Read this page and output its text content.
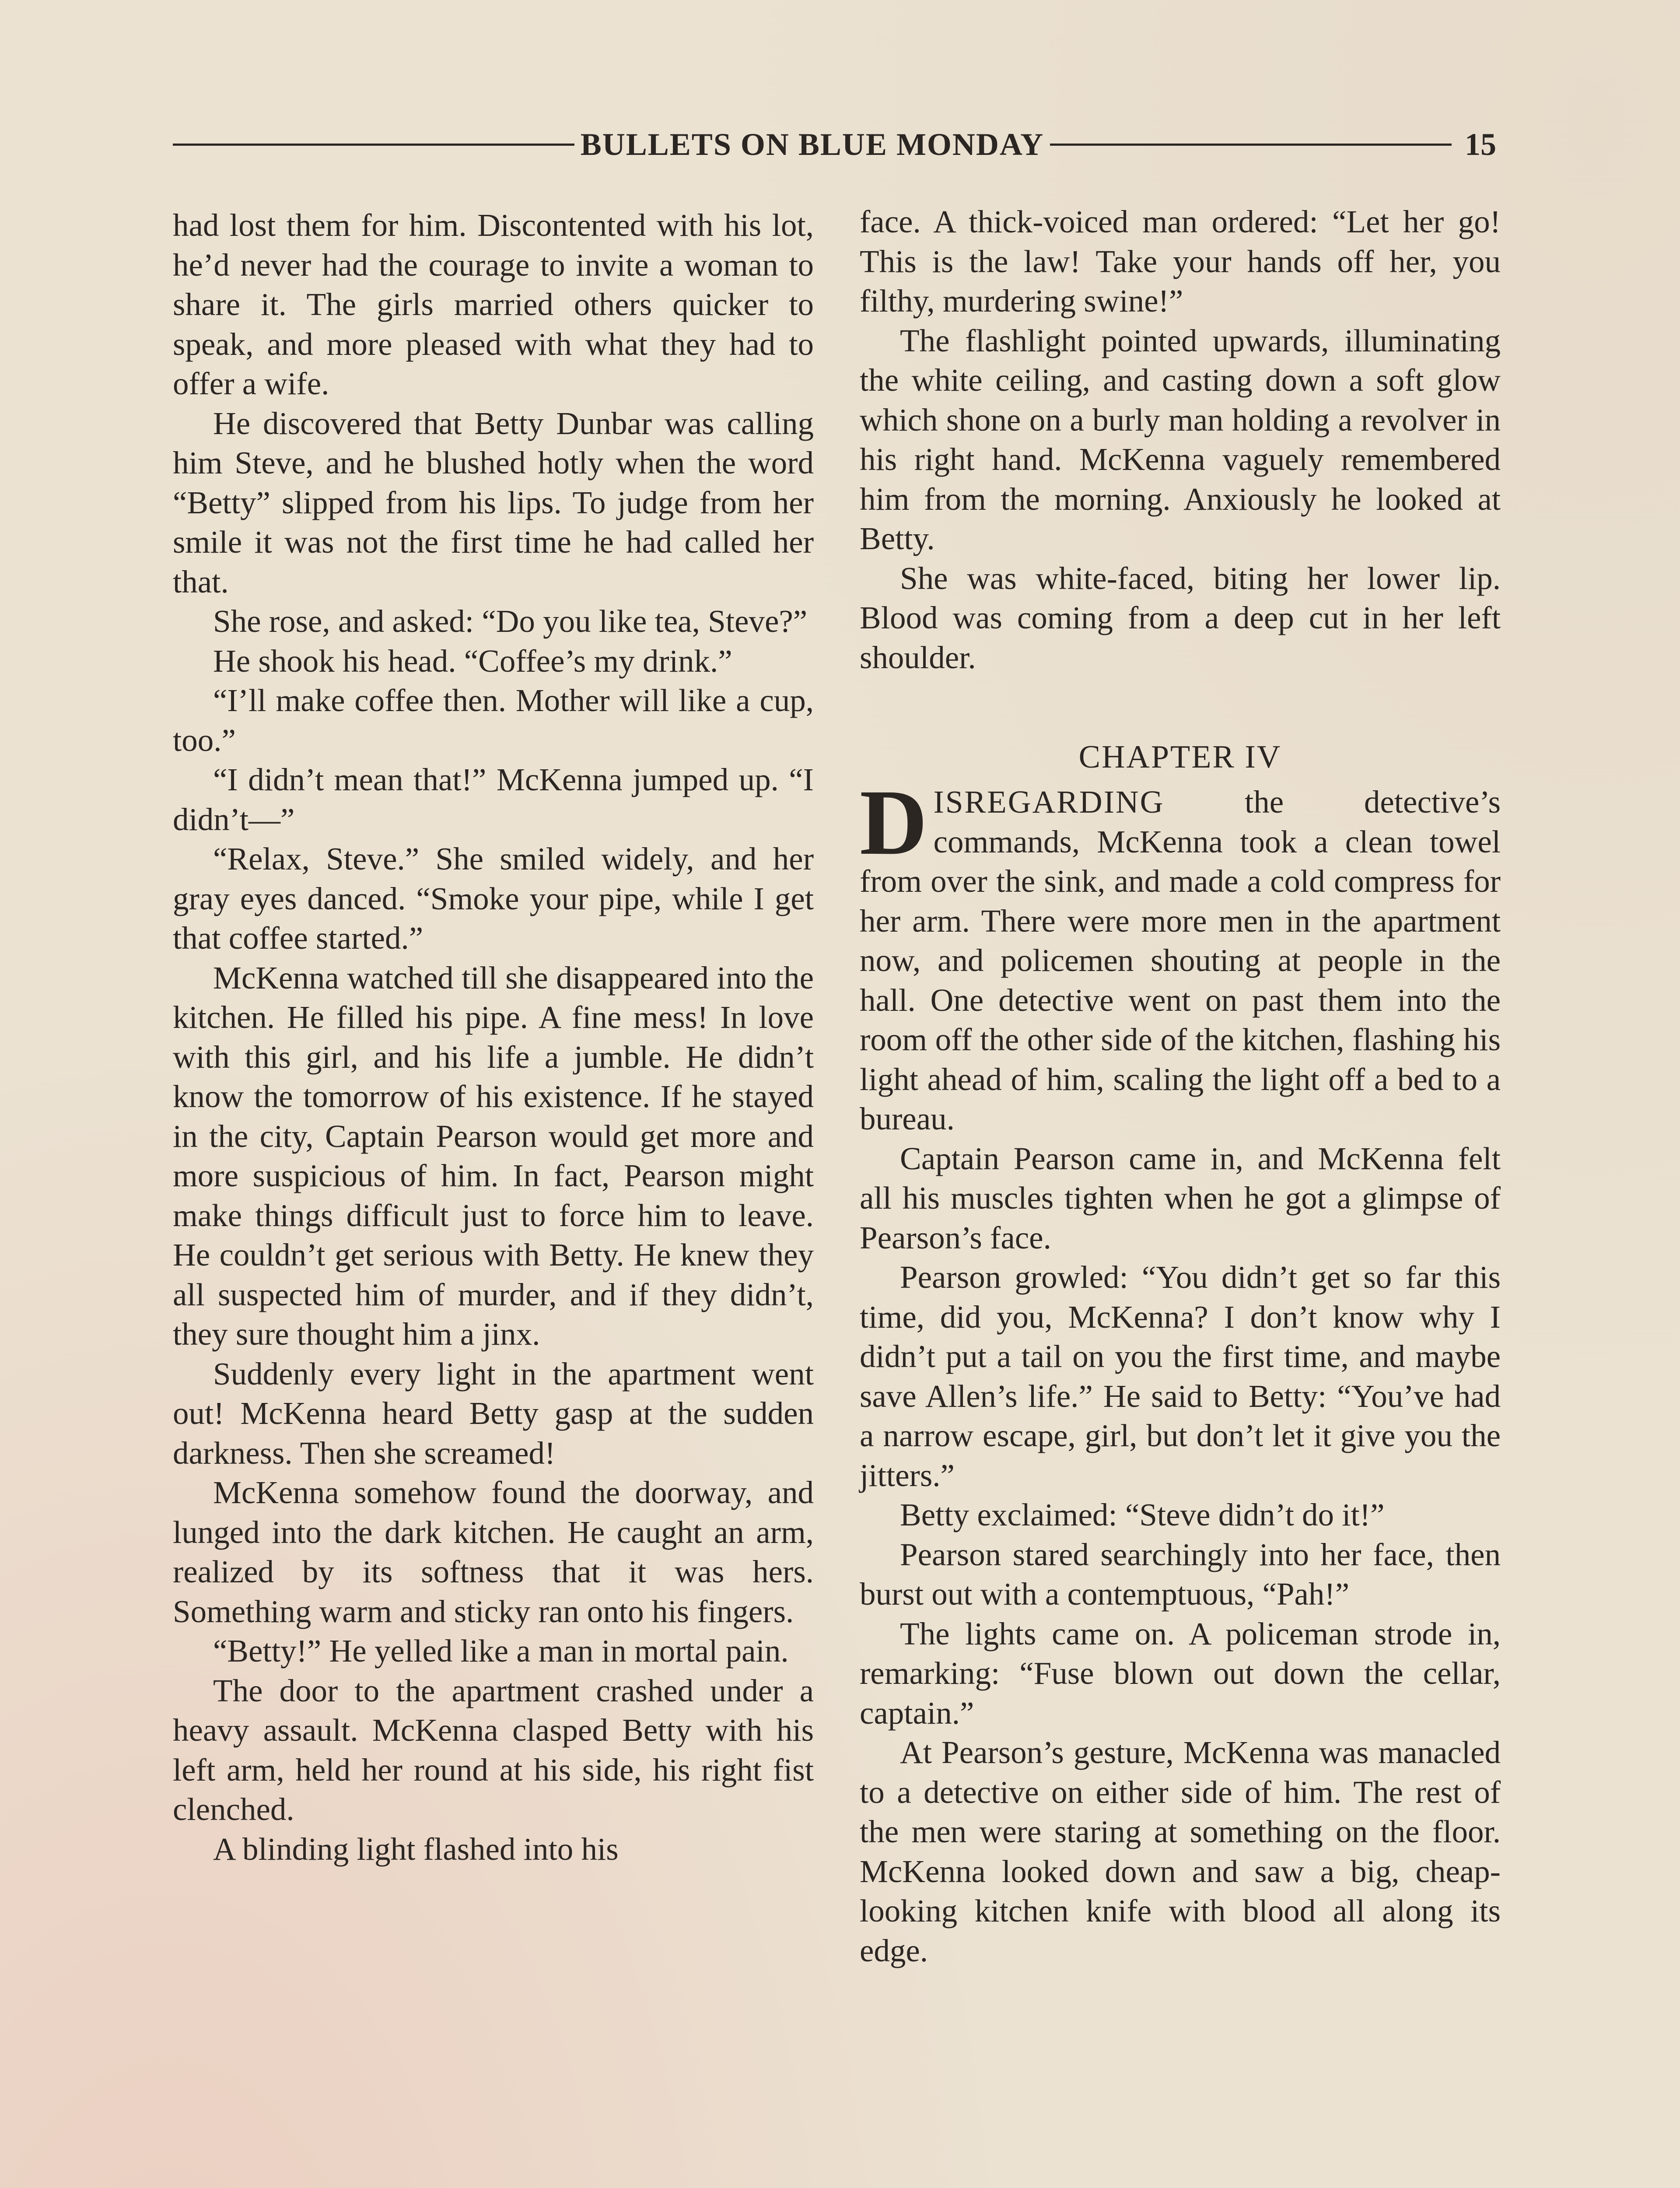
BULLETS ON BLUE MONDAY	15

had lost them for him. Discontented with his lot, he’d never had the courage to invite a woman to share it. The girls married others quicker to speak, and more pleased with what they had to offer a wife.

He discovered that Betty Dunbar was calling him Steve, and he blushed hotly when the word “Betty” slipped from his lips. To judge from her smile it was not the first time he had called her that.

She rose, and asked: “Do you like tea, Steve?”

He shook his head. “Coffee’s my drink.”

“I’ll make coffee then. Mother will like a cup, too.”

“I didn’t mean that!” McKenna jumped up. “I didn’t—”

“Relax, Steve.” She smiled widely, and her gray eyes danced. “Smoke your pipe, while I get that coffee started.”

McKenna watched till she disappeared into the kitchen. He filled his pipe. A fine mess! In love with this girl, and his life a jumble. He didn’t know the tomorrow of his existence. If he stayed in the city, Captain Pearson would get more and more suspicious of him. In fact, Pearson might make things difficult just to force him to leave. He couldn’t get serious with Betty. He knew they all suspected him of murder, and if they didn’t, they sure thought him a jinx.

Suddenly every light in the apartment went out! McKenna heard Betty gasp at the sudden darkness. Then she screamed!

McKenna somehow found the doorway, and lunged into the dark kitchen. He caught an arm, realized by its softness that it was hers. Something warm and sticky ran onto his fingers.

“Betty!” He yelled like a man in mortal pain.

The door to the apartment crashed under a heavy assault. McKenna clasped Betty with his left arm, held her round at his side, his right fist clenched.

A blinding light flashed into his

face. A thick-voiced man ordered: “Let her go! This is the law! Take your hands off her, you filthy, murdering swine!”

The flashlight pointed upwards, illuminating the white ceiling, and casting down a soft glow which shone on a burly man holding a revolver in his right hand. McKenna vaguely remembered him from the morning. Anxiously he looked at Betty.

She was white-faced, biting her lower lip. Blood was coming from a deep cut in her left shoulder.

CHAPTER IV

DISREGARDING the detective’s commands, McKenna took a clean towel from over the sink, and made a cold compress for her arm. There were more men in the apartment now, and policemen shouting at people in the hall. One detective went on past them into the room off the other side of the kitchen, flashing his light ahead of him, scaling the light off a bed to a bureau.

Captain Pearson came in, and McKenna felt all his muscles tighten when he got a glimpse of Pearson’s face.

Pearson growled: “You didn’t get so far this time, did you, McKenna? I don’t know why I didn’t put a tail on you the first time, and maybe save Allen’s life.” He said to Betty: “You’ve had a narrow escape, girl, but don’t let it give you the jitters.”

Betty exclaimed: “Steve didn’t do it!”

Pearson stared searchingly into her face, then burst out with a contemptuous, “Pah!”

The lights came on. A policeman strode in, remarking: “Fuse blown out down the cellar, captain.”

At Pearson’s gesture, McKenna was manacled to a detective on either side of him. The rest of the men were staring at something on the floor. McKenna looked down and saw a big, cheap-looking kitchen knife with blood all along its edge.
